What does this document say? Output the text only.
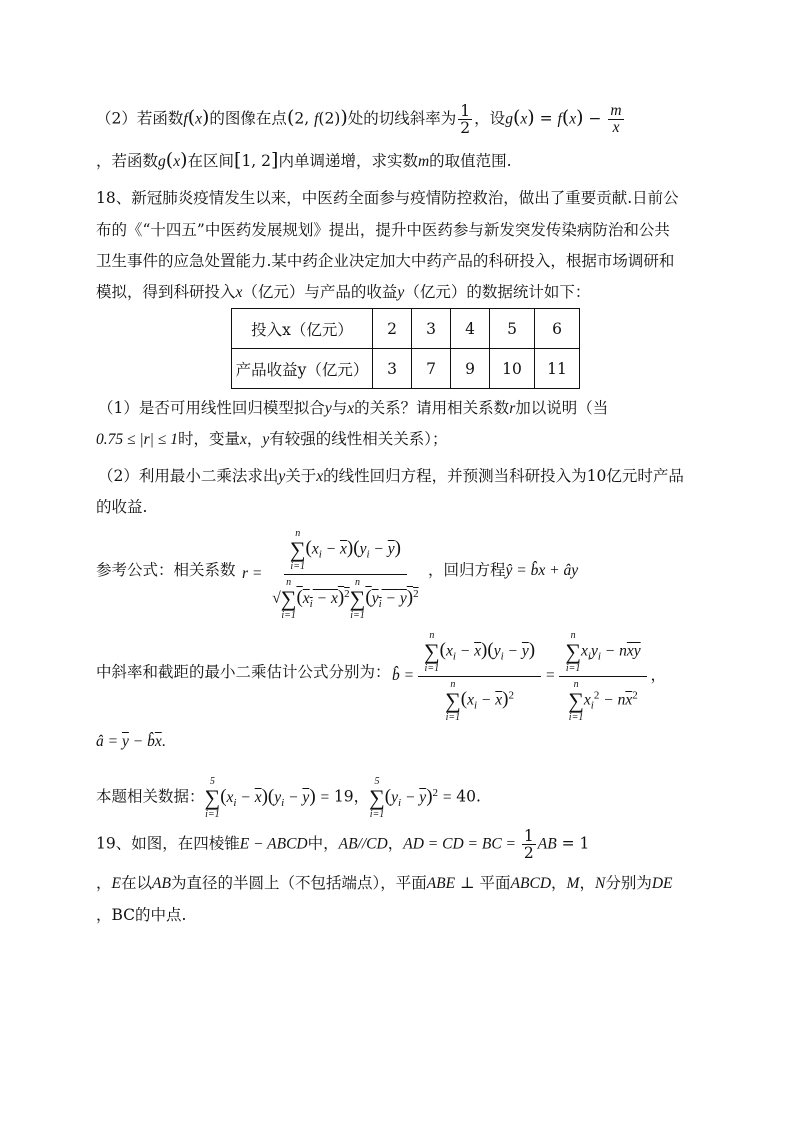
（2）若函数f(x)的图像在点(2, f(2))处的切线斜率为 $\frac{1}{2}$ ，设$g(x) = f(x) - \frac{m}{x}$
，若函数g(x)在区间[1, 2]内单调递增，求实数m的取值范围.
18、新冠肺炎疫情发生以来，中医药全面参与疫情防控救治，做出了重要贡献.日前公
布的《“十四五”中医药发展规划》提出，提升中医药参与新发突发传染病防治和公共
卫生事件的应急处置能力.某中药企业决定加大中药产品的科研投入，根据市场调研和
模拟，得到科研投入x（亿元）与产品的收益y（亿元）的数据统计如下：
投入x（亿元）	2	3	4	5	6
产品收益y（亿元）	3	7	9	10	11
（1）是否可用线性回归模型拟合y与x的关系？请用相关系数r加以说明（当
0.75 ≤ |r| ≤ 1时，变量x，y有较强的线性相关关系）；
（2）利用最小二乘法求出y关于x的线性回归方程，并预测当科研投入为10亿元时产品
的收益.
参考公式：相关系数 r = n
∑
i=1
$(x_i - \overline{x})(y_i - \overline{y})$
√
n
∑
i=1
$(x_i - x)^2$
n
∑
i=1
$(y_i - y)^2$ ，回归方程ŷ = b̂x + ây
中斜率和截距的最小二乘估计公式分别为： b̂ = n
∑
i=1
$(x_i - \overline{x})(y_i - \overline{y})$
n
∑
i=1
$(x_i - \overline{x})^2 = n$
∑
i=1
$x_iy_i - n\overline{xy}$
n
∑
i=1
$x_i^2 - n\overline{x}^2$ ，
â = $\overline{y}$ − $b̂\overline{x}$.
本题相关数据：
5
∑
i=1
$(x_i - \overline{x})(y_i - \overline{y}) = 19$，
5
∑
i=1
$(y_i - \overline{y})^2 = 40$.
19、如图，在四棱锥E − ABCD中，AB//CD，AD = CD = BC = $\frac{1}{2}$ AB = 1
，E在以AB为直径的半圆上（不包括端点），平面ABE ⊥ 平面ABCD，M，N分别为DE
，BC的中点.
